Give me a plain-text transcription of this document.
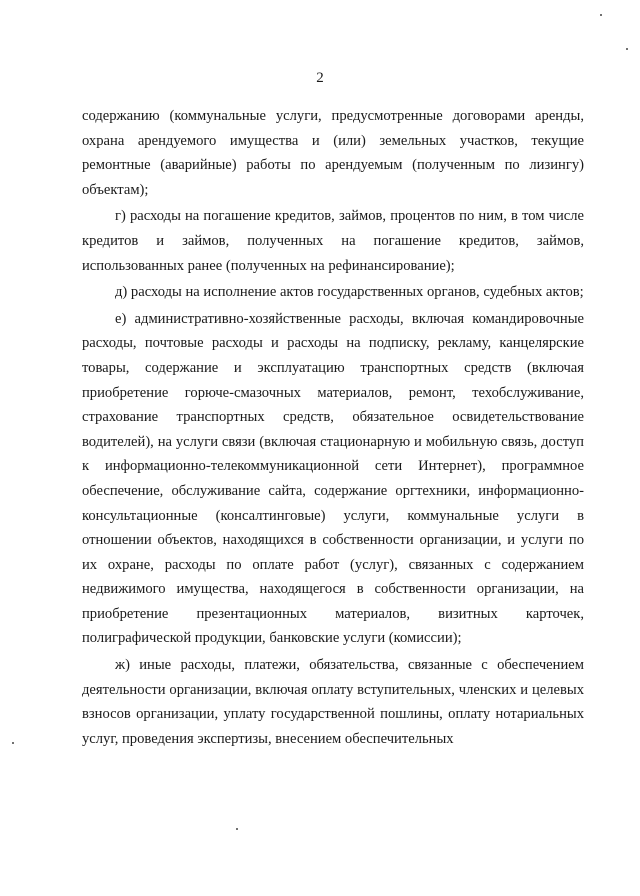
2

содержанию (коммунальные услуги, предусмотренные договорами аренды, охрана арендуемого имущества и (или) земельных участков, текущие ремонтные (аварийные) работы по арендуемым (полученным по лизингу) объектам);

г) расходы на погашение кредитов, займов, процентов по ним, в том числе кредитов и займов, полученных на погашение кредитов, займов, использованных ранее (полученных на рефинансирование);

д) расходы на исполнение актов государственных органов, судебных актов;

е) административно-хозяйственные расходы, включая командировочные расходы, почтовые расходы и расходы на подписку, рекламу, канцелярские товары, содержание и эксплуатацию транспортных средств (включая приобретение горюче-смазочных материалов, ремонт, техобслуживание, страхование транспортных средств, обязательное освидетельствование водителей), на услуги связи (включая стационарную и мобильную связь, доступ к информационно-телекоммуникационной сети Интернет), программное обеспечение, обслуживание сайта, содержание оргтехники, информационно-консультационные (консалтинговые) услуги, коммунальные услуги в отношении объектов, находящихся в собственности организации, и услуги по их охране, расходы по оплате работ (услуг), связанных с содержанием недвижимого имущества, находящегося в собственности организации, на приобретение презентационных материалов, визитных карточек, полиграфической продукции, банковские услуги (комиссии);

ж) иные расходы, платежи, обязательства, связанные с обеспечением деятельности организации, включая оплату вступительных, членских и целевых взносов организации, уплату государственной пошлины, оплату нотариальных услуг, проведения экспертизы, внесением обеспечительных
